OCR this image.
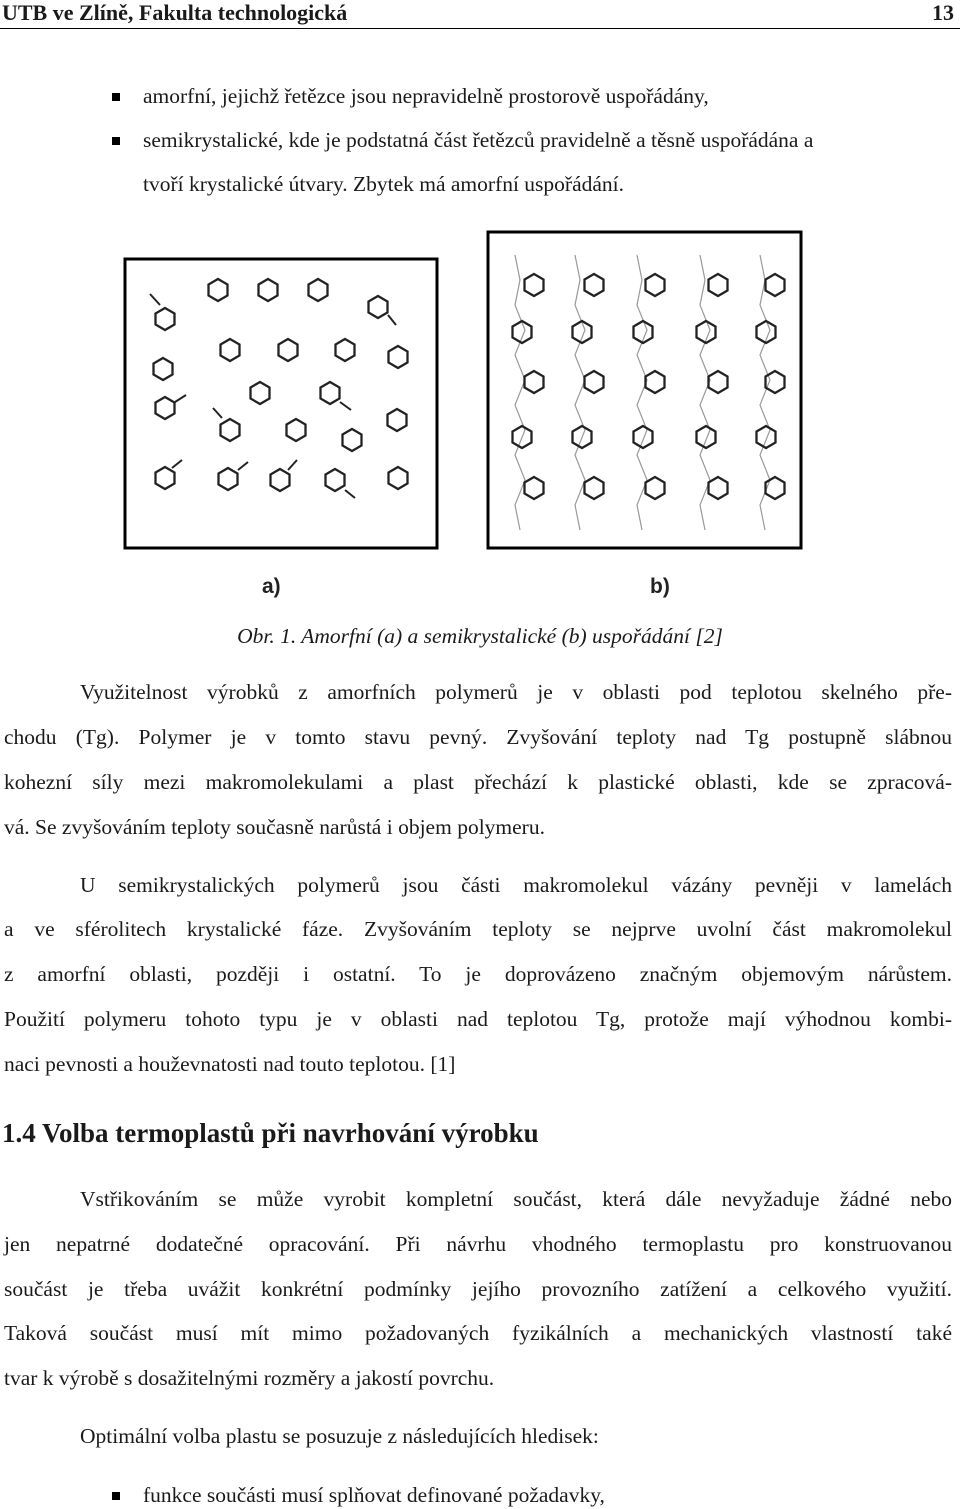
UTB ve Zlíně, Fakulta technologická	13
amorfní, jejichž řetězce jsou nepravidelně prostorově uspořádány,
semikrystalické, kde je podstatná část řetězců pravidelně a těsně uspořádána a
tvoří krystalické útvary. Zbytek má amorfní uspořádání.
a)	b)
Obr. 1. Amorfní (a) a semikrystalické (b) uspořádání [2]
Využitelnost výrobků z amorfních polymerů je v oblasti pod teplotou skelného pře-
chodu (Tg). Polymer je v tomto stavu pevný. Zvyšování teploty nad Tg postupně slábnou
kohezní síly mezi makromolekulami a plast přechází k plastické oblasti, kde se zpracová-
vá. Se zvyšováním teploty současně narůstá i objem polymeru.
U semikrystalických polymerů jsou části makromolekul vázány pevněji v lamelách
a ve sférolitech krystalické fáze. Zvyšováním teploty se nejprve uvolní část makromolekul
z amorfní oblasti, později i ostatní. To je doprovázeno značným objemovým nárůstem.
Použití polymeru tohoto typu je v oblasti nad teplotou Tg, protože mají výhodnou kombi-
naci pevnosti a houževnatosti nad touto teplotou. [1]
1.4 Volba termoplastů při navrhování výrobku
Vstřikováním se může vyrobit kompletní součást, která dále nevyžaduje žádné nebo
jen nepatrné dodatečné opracování. Při návrhu vhodného termoplastu pro konstruovanou
součást je třeba uvážit konkrétní podmínky jejího provozního zatížení a celkového využití.
Taková součást musí mít mimo požadovaných fyzikálních a mechanických vlastností také
tvar k výrobě s dosažitelnými rozměry a jakostí povrchu.
Optimální volba plastu se posuzuje z následujících hledisek:
funkce součásti musí splňovat definované požadavky,
